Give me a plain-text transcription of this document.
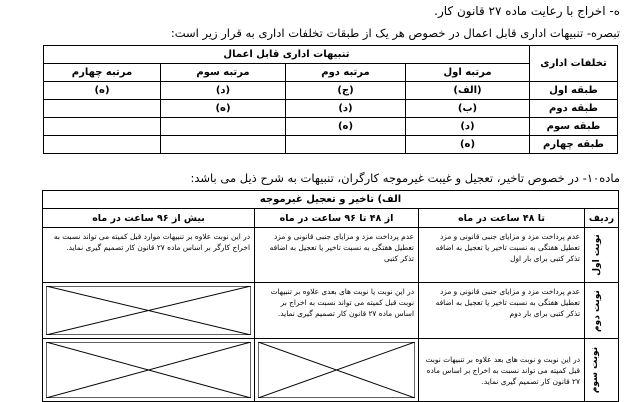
ه- اخراج با رعایت ماده ۲۷ قانون کار.
تبصره- تنبیهات اداری قابل اعمال در خصوص هر یک از طبقات تخلفات اداری به قرار زیر است:
تخلفات اداری	تنبیهات اداری قابل اعمال			
	مرتبه اول	مرتبه دوم	مرتبه سوم	مرتبه چهارم
طبقه اول	(الف)	(ج)	(د)	(ه)
طبقه دوم	(ب)	(د)	(ه)	
طبقه سوم	(د)	(ه)		
طبقه چهارم	(ه)			
ماده۱۰- در خصوص تاخیر، تعجیل و غیبت غیرموجه کارگران، تنبیهات به شرح ذیل می باشد:
الف) تاخیر و تعجیل غیرموجه			
ردیف	تا ۴۸ ساعت در ماه	از ۴۸ تا ۹۶ ساعت در ماه	بیش از ۹۶ ساعت در ماه
نوبت اول	عدم پرداخت مزد و مزایای جنبی قانونی و مزد تعطیل هفتگی به نسبت تاخیر یا تعجیل به اضافه تذکر کتبی برای بار اول	عدم پرداخت مزد و مزایای جنبی قانونی و مزد تعطیل هفتگی به نسبت تاخیر یا تعجیل به اضافه تذکر کتبی	در این نوبت علاوه بر تنبیهات موارد قبل کمیته می تواند نسبت به اخراج کارگر بر اساس ماده ۲۷ قانون کار تصمیم گیری نماید.
نوبت دوم	عدم پرداخت مزد و مزایای جنبی قانونی و مزد تعطیل هفتگی به نسبت تاخیر یا تعجیل به اضافه تذکر کتبی برای بار دوم	در این نوبت یا نوبت های بعدی علاوه بر تنبیهات نوبت قبل کمیته می تواند نسبت به اخراج بر اساس ماده ۲۷ قانون کار تصمیم گیری نماید.	

نوبت سوم	در این نوبت و نوبت های بعد علاوه بر تنبیهات نوبت قبل کمیته می تواند نسبت به اخراج بر اساس ماده ۲۷ قانون کار تصمیم گیری نماید.	
